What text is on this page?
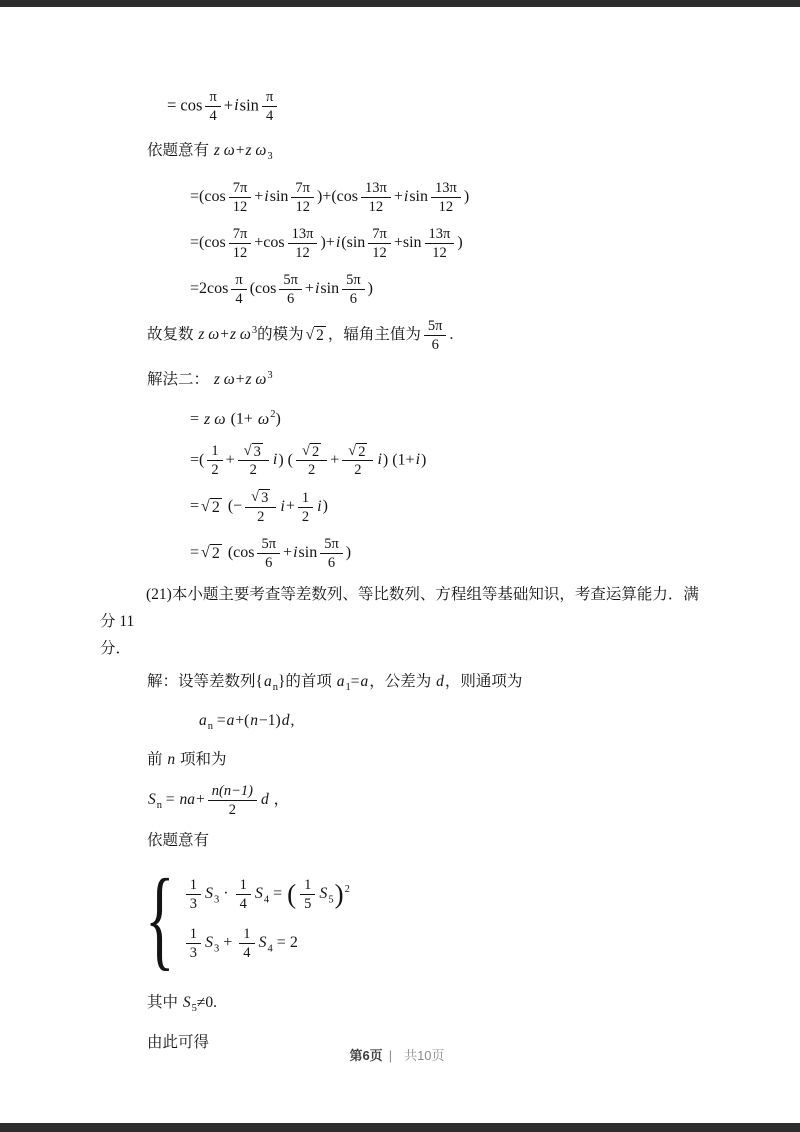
= $\cos \frac{\pi}{4} +isin \frac{\pi}{4}$
依题意有 z ω+z $\omega_3$
$=(\cos \frac{7\pi}{12} +isin \frac{7\pi}{12} )+(\cos \frac{13\pi}{12} +isin \frac{13\pi}{12}$ )
$=(\cos \frac{7\pi}{12} +\cos \frac{13\pi}{12} )+i(\sin \frac{7\pi}{12} +\sin \frac{13\pi}{12}$ )
$=2\cos \frac{\pi}{4} (\cos \frac{5\pi}{6} +isin \frac{5\pi}{6}$ )
故复数 z ω+z $\omega^3$的模为 √ 2 ，辐角主值为 $\frac{5\pi}{6}$ .
解法二： z ω+z $\omega^3$
= z ω $(1+ \omega^2)$
=( $\frac{1}{2} + \frac{√ 3}{2} i$) ( $\frac{√ 2}{2} + \frac{√ 2}{2} i$) (1+i)
= √ 2 (− $\frac{√ 3}{2} i+ \frac{1}{2} i$)
= √ 2 ($\cos \frac{5\pi}{6} +isin \frac{5\pi}{6}$ )
(21)本小题主要考查等差数列、等比数列、方程组等基础知识，考查运算能力．满分 11
分．
解：设等差数列$\{a_n\}$的首项 $a_1=a$，公差为 d，则通项为
$a_n =a+(n-1)d$,
前 n 项和为
$S_n = na+ \frac{n(n-1)}{2}$ d ，
依题意有
{ $\frac{1}{3} S_3 \cdot \frac{1}{4} S_4$ = ( $\frac{1}{5} S_5)^2$
$\frac{1}{3} S_3 + \frac{1}{4} S_4 = 2$
其中 $S_5\ne 0$.
由此可得
第6页 | 共10页
